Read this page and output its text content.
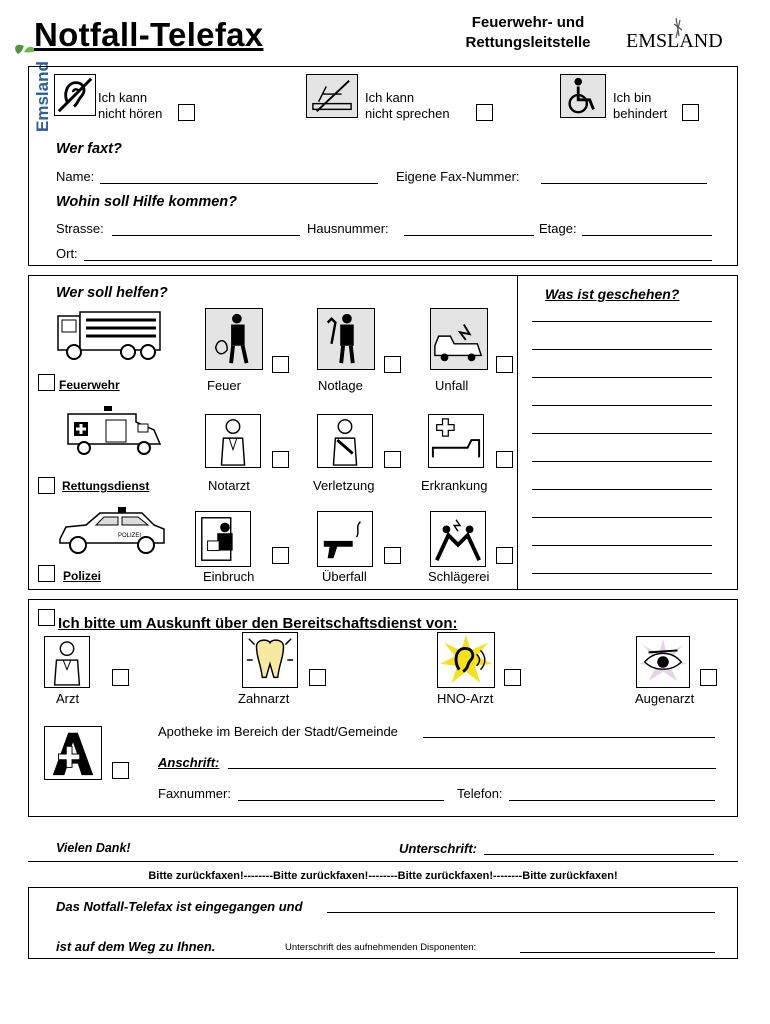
Emsland
Notfall-Telefax	Feuerwehr- und
Rettungsleitstelle	EMSLAND
Ich kann
nicht hören
Ich kann
nicht sprechen
Ich bin
behindert
Wer faxt?
Name:	Eigene Fax-Nummer:
Wohin soll Hilfe kommen?
Strasse:	Hausnummer:	Etage:
Ort:
Wer soll helfen?	Was ist geschehen?
Feuerwehr	Feuer	Notlage	Unfall
Rettungsdienst	Notarzt	Verletzung	Erkrankung
POLIZEI
Polizei	Einbruch	Überfall	Schlägerei
Ich bitte um Auskunft über den Bereitschaftsdienst von:
Arzt	Zahnarzt	HNO-Arzt	Augenarzt
Apotheke im Bereich der Stadt/Gemeinde
Anschrift:
Faxnummer:	Telefon:
Vielen Dank!	Unterschrift:
Bitte zurückfaxen!--------Bitte zurückfaxen!--------Bitte zurückfaxen!--------Bitte zurückfaxen!
Das Notfall-Telefax ist eingegangen und
ist auf dem Weg zu Ihnen.	Unterschrift des aufnehmenden Disponenten:
